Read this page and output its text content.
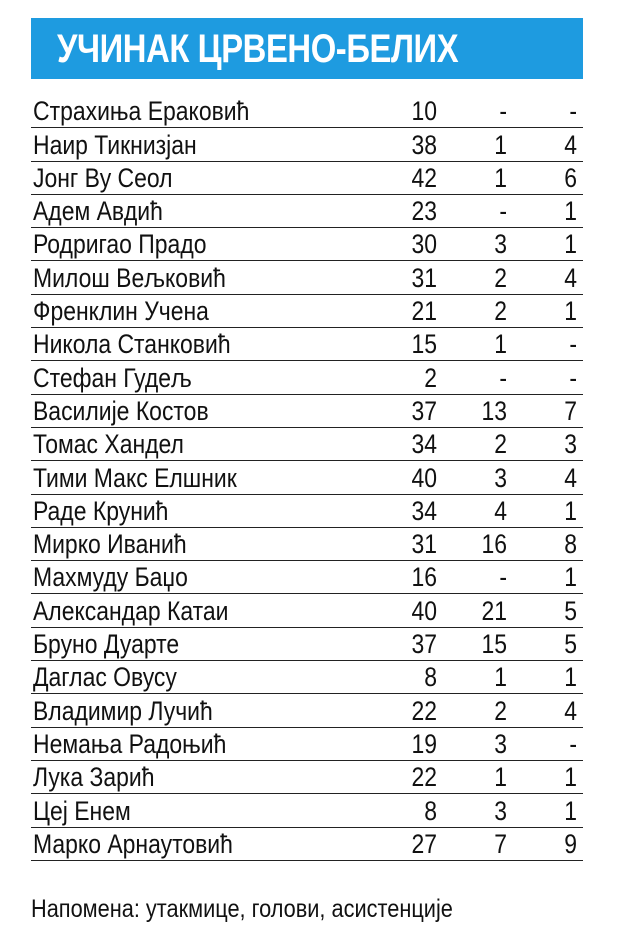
УЧИНАК ЦРВЕНО-БЕЛИХ
Страхиња Ераковић	10 - -
Наир Тикнизјан	38 1 4
Јонг Ву Сеол	42 1 6
Адем Авдић	23 - 1
Родригао Прадо	30 3 1
Милош Вељковић	31 2 4
Френклин Учена	21 2 1
Никола Станковић	15 1 -
Стефан Гудељ	2 - -
Василије Костов	37 13 7
Томас Хандел	34 2 3
Тими Макс Елшник	40 3 4
Раде Крунић	34 4 1
Мирко Иванић	31 16 8
Махмуду Баџо	16 - 1
Александар Катаи	40 21 5
Бруно Дуарте	37 15 5
Даглас Овусу	8 1 1
Владимир Лучић	22 2 4
Немања Радоњић	19 3 -
Лука Зарић	22 1 1
Цеј Енем	8 3 1
Марко Арнаутовић	27 7 9
Напомена: утакмице, голови, асистенције
